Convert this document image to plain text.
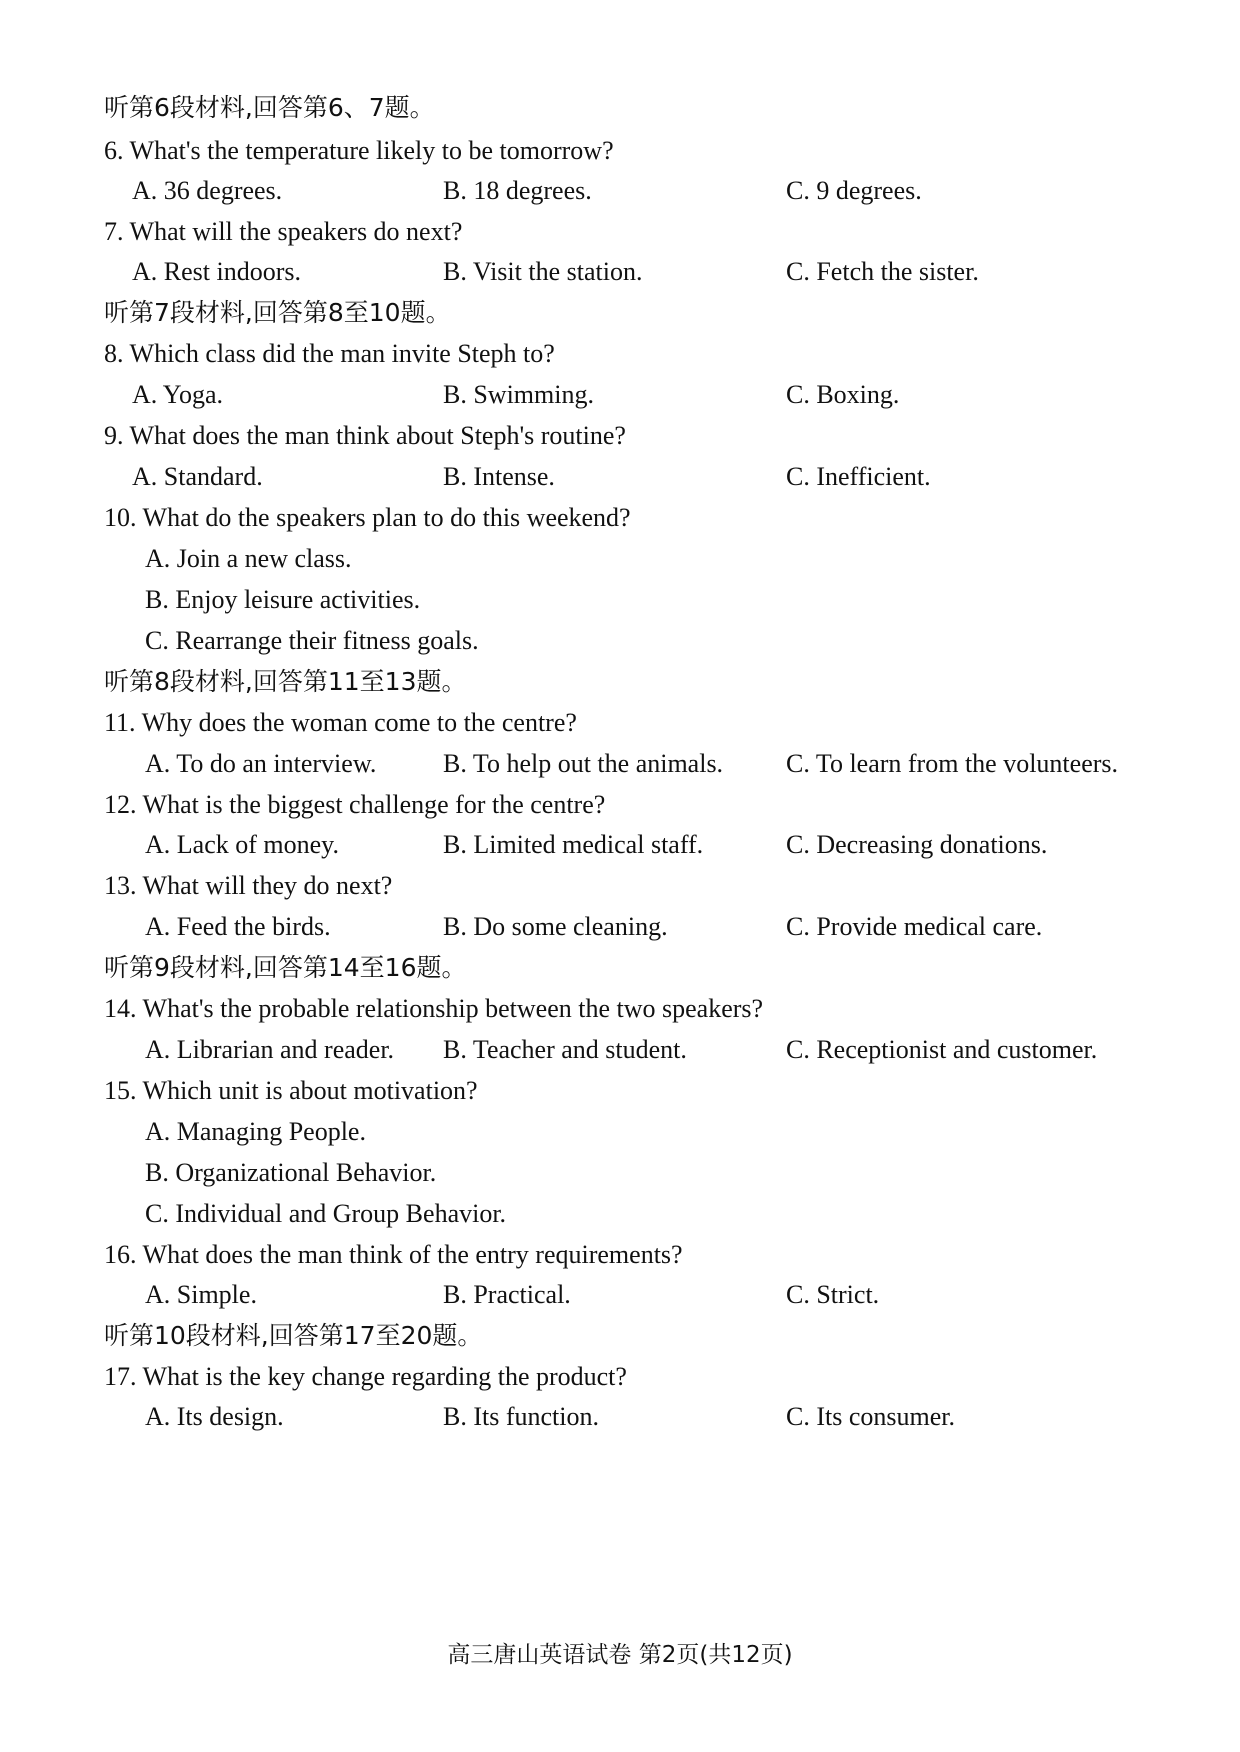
听第6段材料,回答第6、7题。
6. What's the temperature likely to be tomorrow?
A. 36 degrees.	B. 18 degrees.	C. 9 degrees.
7. What will the speakers do next?
A. Rest indoors.	B. Visit the station.	C. Fetch the sister.
听第7段材料,回答第8至10题。
8. Which class did the man invite Steph to?
A. Yoga.	B. Swimming.	C. Boxing.
9. What does the man think about Steph's routine?
A. Standard.	B. Intense.	C. Inefficient.
10. What do the speakers plan to do this weekend?
A. Join a new class.
B. Enjoy leisure activities.
C. Rearrange their fitness goals.
听第8段材料,回答第11至13题。
11. Why does the woman come to the centre?
A. To do an interview.	B. To help out the animals. C. To learn from the volunteers.
12. What is the biggest challenge for the centre?
A. Lack of money.	B. Limited medical staff.	C. Decreasing donations.
13. What will they do next?
A. Feed the birds.	B. Do some cleaning.	C. Provide medical care.
听第9段材料,回答第14至16题。
14. What's the probable relationship between the two speakers?
A. Librarian and reader. B. Teacher and student.	C. Receptionist and customer.
15. Which unit is about motivation?
A. Managing People.
B. Organizational Behavior.
C. Individual and Group Behavior.
16. What does the man think of the entry requirements?
A. Simple.	B. Practical.	C. Strict.
听第10段材料,回答第17至20题。
17. What is the key change regarding the product?
A. Its design.	B. Its function.	C. Its consumer.
高三唐山英语试卷 第2页(共12页)
